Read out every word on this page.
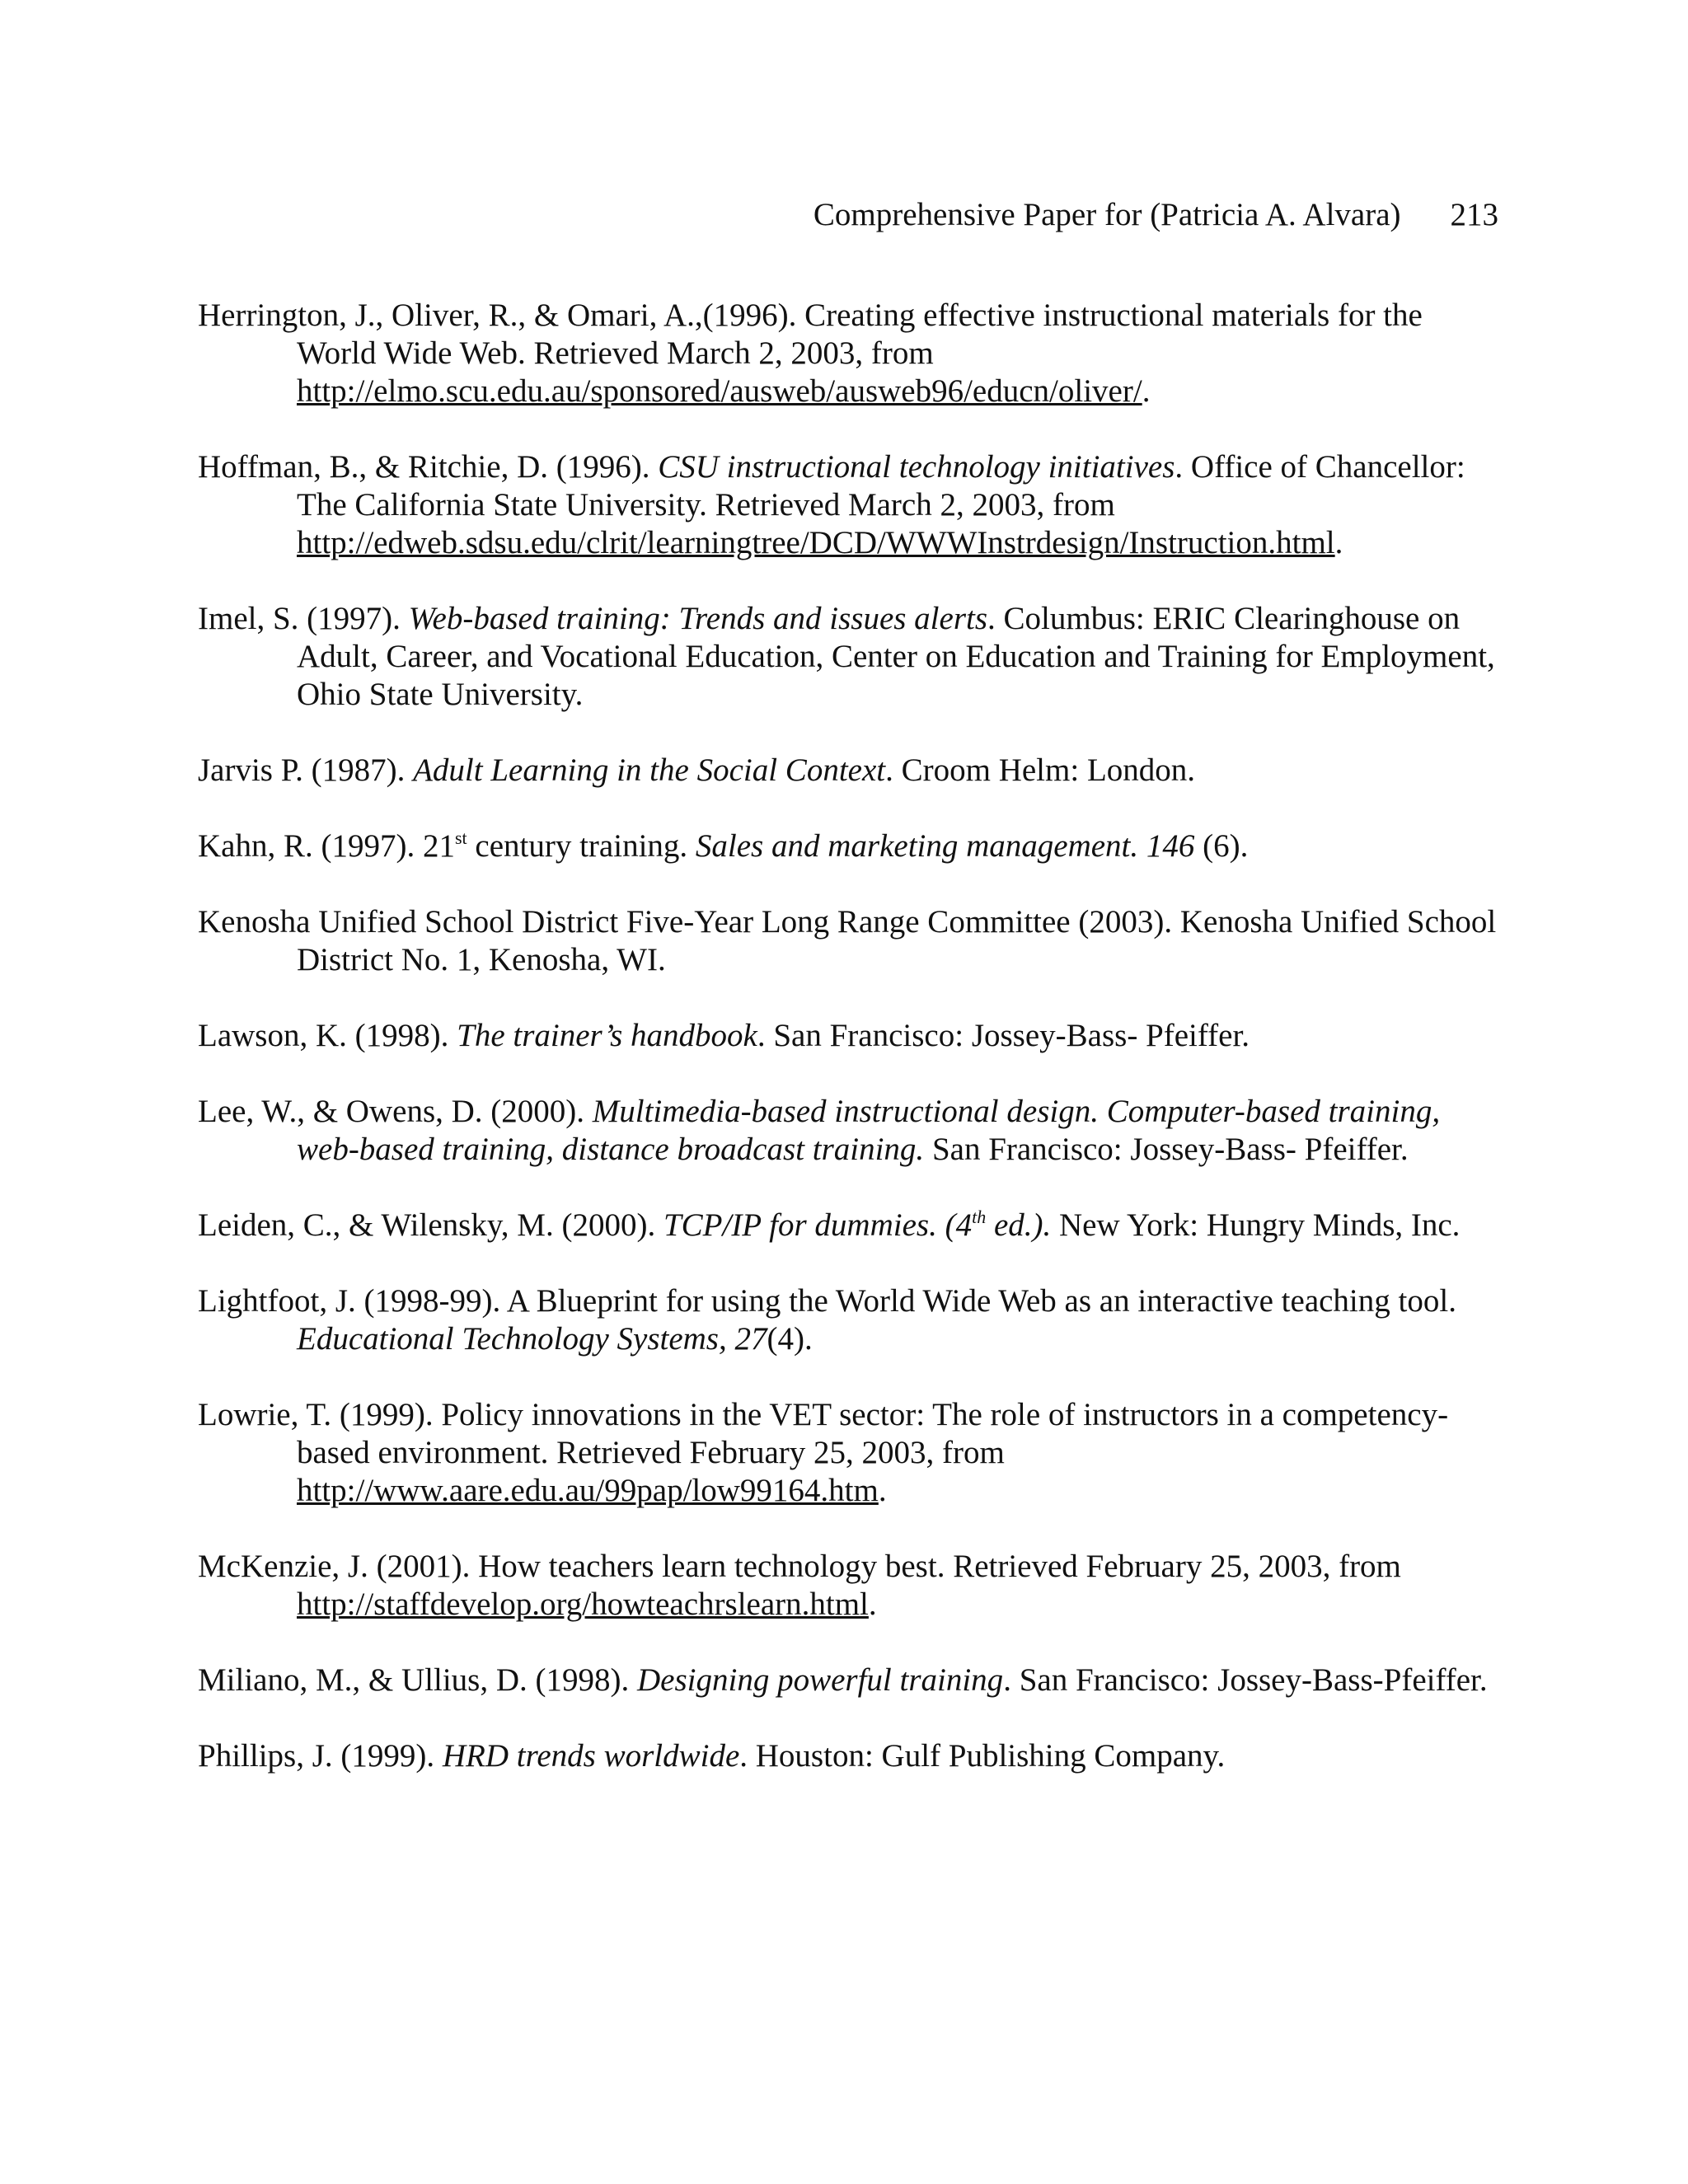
Comprehensive Paper for (Patricia A. Alvara) 213

Herrington, J., Oliver, R., & Omari, A.,(1996). Creating effective instructional materials for the World Wide Web. Retrieved March 2, 2003, from http://elmo.scu.edu.au/sponsored/ausweb/ausweb96/educn/oliver/.

Hoffman, B., & Ritchie, D. (1996). CSU instructional technology initiatives. Office of Chancellor: The California State University. Retrieved March 2, 2003, from http://edweb.sdsu.edu/clrit/learningtree/DCD/WWWInstrdesign/Instruction.html.

Imel, S. (1997). Web-based training: Trends and issues alerts. Columbus: ERIC Clearinghouse on Adult, Career, and Vocational Education, Center on Education and Training for Employment, Ohio State University.

Jarvis P. (1987). Adult Learning in the Social Context. Croom Helm: London.

Kahn, R. (1997). 21st century training. Sales and marketing management. 146 (6).

Kenosha Unified School District Five-Year Long Range Committee (2003). Kenosha Unified School District No. 1, Kenosha, WI.

Lawson, K. (1998). The trainer’s handbook. San Francisco: Jossey-Bass- Pfeiffer.

Lee, W., & Owens, D. (2000). Multimedia-based instructional design. Computer-based training, web-based training, distance broadcast training. San Francisco: Jossey-Bass- Pfeiffer.

Leiden, C., & Wilensky, M. (2000). TCP/IP for dummies. (4th ed.). New York: Hungry Minds, Inc.

Lightfoot, J. (1998-99). A Blueprint for using the World Wide Web as an interactive teaching tool. Educational Technology Systems, 27(4).

Lowrie, T. (1999). Policy innovations in the VET sector: The role of instructors in a competency-based environment. Retrieved February 25, 2003, from http://www.aare.edu.au/99pap/low99164.htm.

McKenzie, J. (2001). How teachers learn technology best. Retrieved February 25, 2003, from http://staffdevelop.org/howteachrslearn.html.

Miliano, M., & Ullius, D. (1998). Designing powerful training. San Francisco: Jossey-Bass-Pfeiffer.

Phillips, J. (1999). HRD trends worldwide. Houston: Gulf Publishing Company.
